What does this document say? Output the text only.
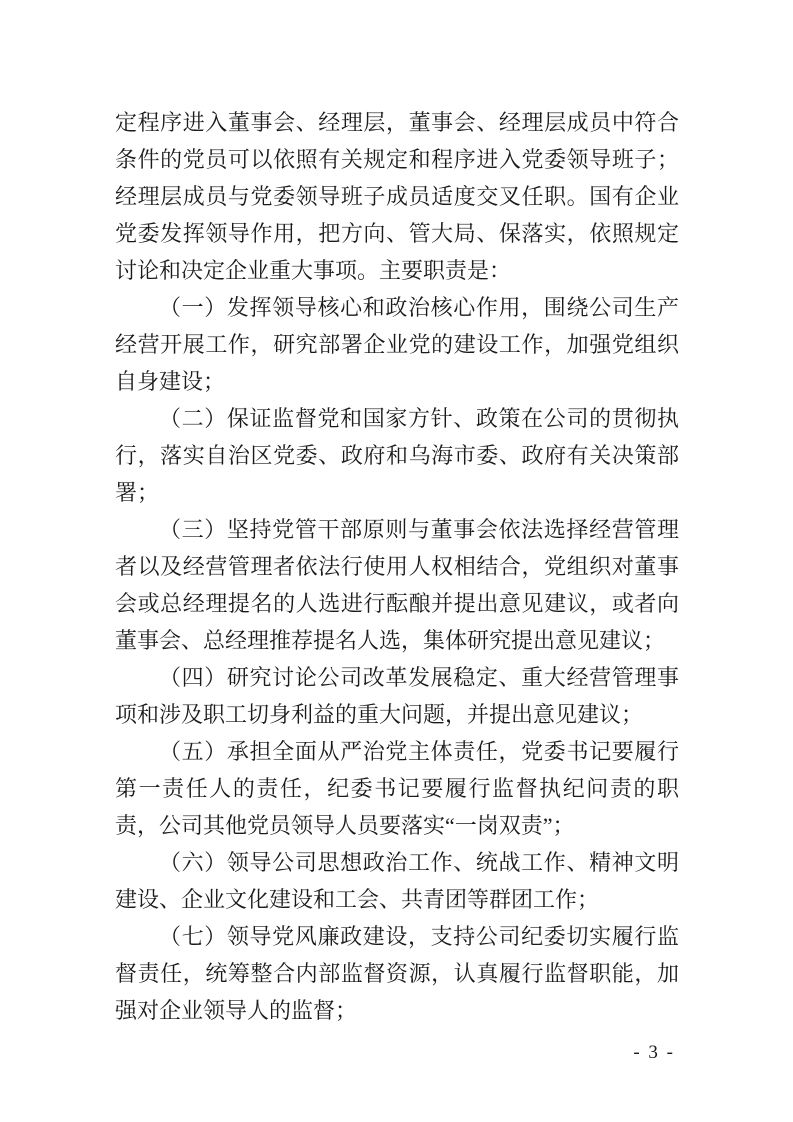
定程序进入董事会、经理层，董事会、经理层成员中符合条件的党员可以依照有关规定和程序进入党委领导班子；经理层成员与党委领导班子成员适度交叉任职。国有企业党委发挥领导作用，把方向、管大局、保落实，依照规定讨论和决定企业重大事项。主要职责是：

（一）发挥领导核心和政治核心作用，围绕公司生产经营开展工作，研究部署企业党的建设工作，加强党组织自身建设；

（二）保证监督党和国家方针、政策在公司的贯彻执行，落实自治区党委、政府和乌海市委、政府有关决策部署；

（三）坚持党管干部原则与董事会依法选择经营管理者以及经营管理者依法行使用人权相结合，党组织对董事会或总经理提名的人选进行酝酿并提出意见建议，或者向董事会、总经理推荐提名人选，集体研究提出意见建议；

（四）研究讨论公司改革发展稳定、重大经营管理事项和涉及职工切身利益的重大问题，并提出意见建议；

（五）承担全面从严治党主体责任，党委书记要履行第一责任人的责任，纪委书记要履行监督执纪问责的职责，公司其他党员领导人员要落实“一岗双责”；

（六）领导公司思想政治工作、统战工作、精神文明建设、企业文化建设和工会、共青团等群团工作；

（七）领导党风廉政建设，支持公司纪委切实履行监督责任，统筹整合内部监督资源，认真履行监督职能，加强对企业领导人的监督；

- 3 -
